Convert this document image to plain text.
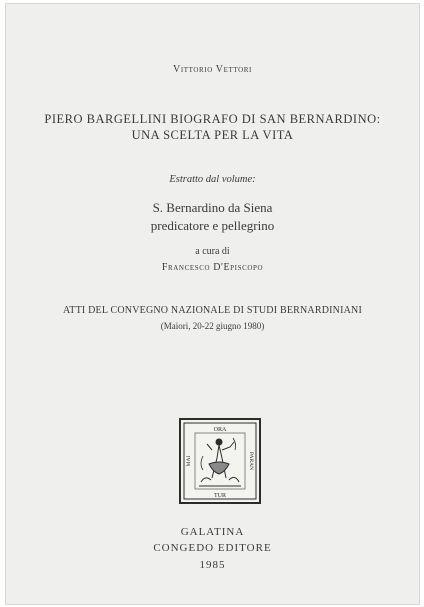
Vittorio Vettori
PIERO BARGELLINI BIOGRAFO DI SAN BERNARDINO:
UNA SCELTA PER LA VITA
Estratto dal volume:
S. Bernardino da Siena
predicatore e pellegrino
a cura di
Francesco D'Episcopo
ATTI DEL CONVEGNO NAZIONALE DI STUDI BERNARDINIANI
(Maiori, 20-22 giugno 1980)
ORA
TUR
MAI	PARAN
GALATINA
CONGEDO EDITORE
1985
